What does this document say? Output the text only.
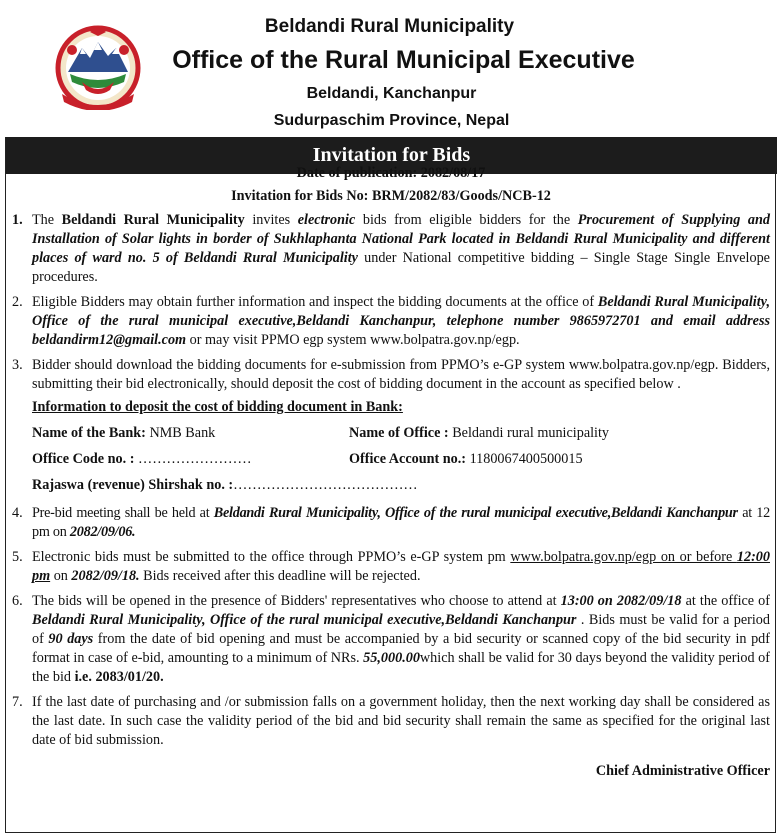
Beldandi Rural Municipality
Office of the Rural Municipal Executive
Beldandi, Kanchanpur
Sudurpaschim Province, Nepal
Invitation for Bids
Date of publication: 2082/08/17
Invitation for Bids No: BRM/2082/83/Goods/NCB-12
1. The Beldandi Rural Municipality invites electronic bids from eligible bidders for the Procurement of Supplying and Installation of Solar lights in border of Sukhlaphanta National Park located in Beldandi Rural Municipality and different places of ward no. 5 of Beldandi Rural Municipality under National competitive bidding – Single Stage Single Envelope procedures.
2. Eligible Bidders may obtain further information and inspect the bidding documents at the office of Beldandi Rural Municipality, Office of the rural municipal executive,Beldandi Kanchanpur, telephone number 9865972701 and email address beldandirm12@gmail.com or may visit PPMO egp system www.bolpatra.gov.np/egp.
3. Bidder should download the bidding documents for e-submission from PPMO’s e-GP system www.bolpatra.gov.np/egp. Bidders, submitting their bid electronically, should deposit the cost of bidding document in the account as specified below .
Information to deposit the cost of bidding document in Bank:
Name of the Bank: NMB Bank	Name of Office : Beldandi rural municipality
Office Code no. : ……………………	Office Account no.: 1180067400500015
Rajaswa (revenue) Shirshak no. :…………………………………
4. Pre-bid meeting shall be held at Beldandi Rural Municipality, Office of the rural municipal executive,Beldandi Kanchanpur at 12 pm on 2082/09/06.
5. Electronic bids must be submitted to the office through PPMO’s e-GP system pm www.bolpatra.gov.np/egp on or before 12:00 pm on 2082/09/18. Bids received after this deadline will be rejected.
6. The bids will be opened in the presence of Bidders' representatives who choose to attend at 13:00 on 2082/09/18 at the office of Beldandi Rural Municipality, Office of the rural municipal executive,Beldandi Kanchanpur . Bids must be valid for a period of 90 days from the date of bid opening and must be accompanied by a bid security or scanned copy of the bid security in pdf format in case of e-bid, amounting to a minimum of NRs. 55,000.00which shall be valid for 30 days beyond the validity period of the bid i.e. 2083/01/20.
7. If the last date of purchasing and /or submission falls on a government holiday, then the next working day shall be considered as the last date. In such case the validity period of the bid and bid security shall remain the same as specified for the original last date of bid submission.
Chief Administrative Officer
